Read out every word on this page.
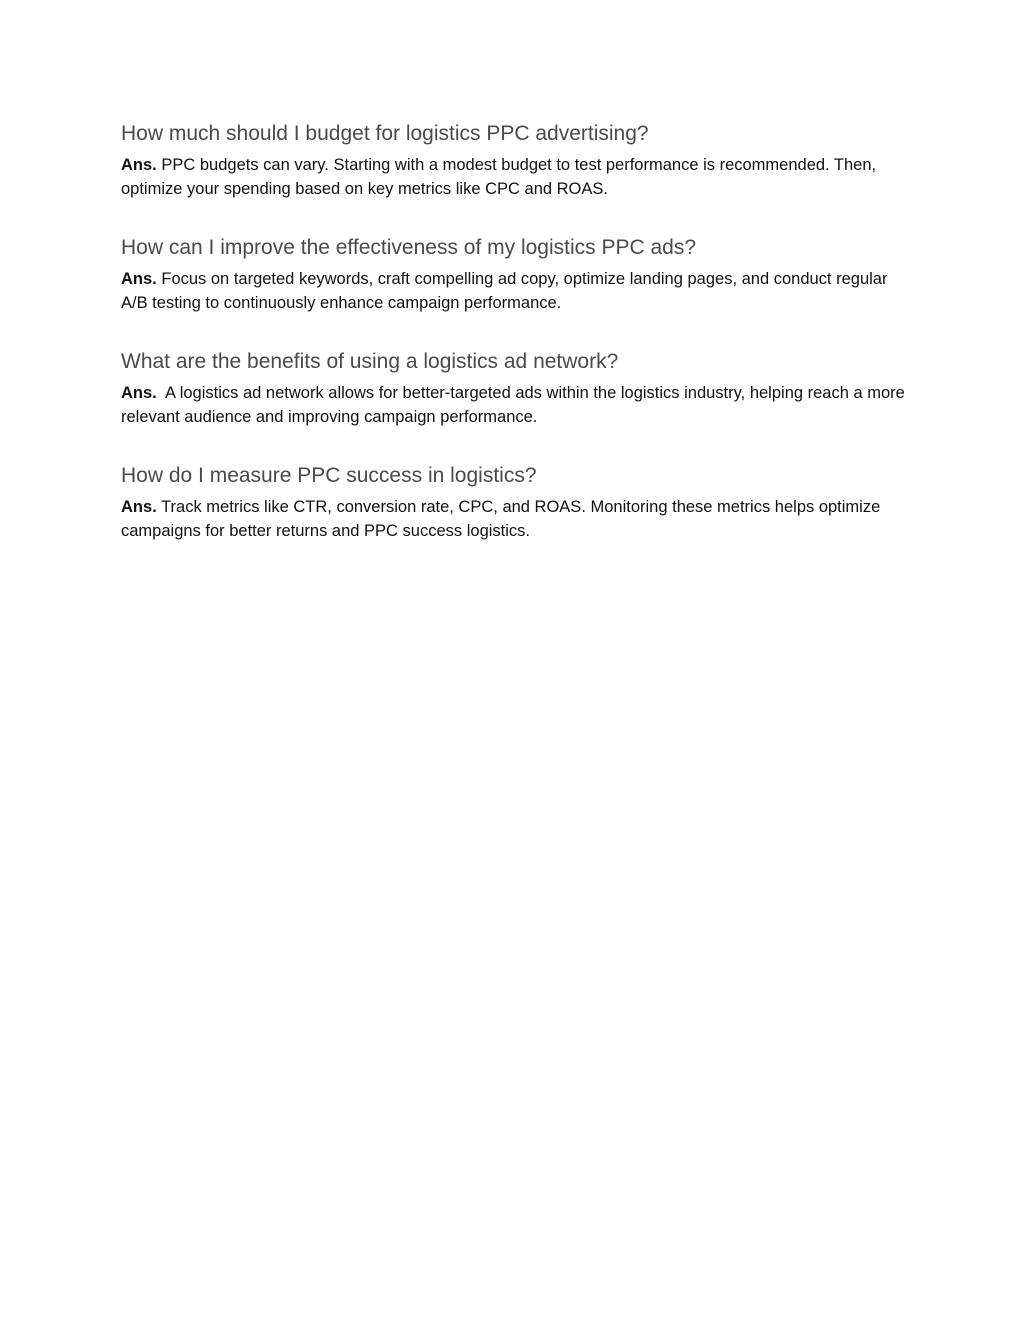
How much should I budget for logistics PPC advertising?

Ans. PPC budgets can vary. Starting with a modest budget to test performance is recommended. Then, optimize your spending based on key metrics like CPC and ROAS.

How can I improve the effectiveness of my logistics PPC ads?

Ans. Focus on targeted keywords, craft compelling ad copy, optimize landing pages, and conduct regular A/B testing to continuously enhance campaign performance.

What are the benefits of using a logistics ad network?

Ans.  A logistics ad network allows for better-targeted ads within the logistics industry, helping reach a more relevant audience and improving campaign performance.

How do I measure PPC success in logistics?

Ans. Track metrics like CTR, conversion rate, CPC, and ROAS. Monitoring these metrics helps optimize campaigns for better returns and PPC success logistics.
